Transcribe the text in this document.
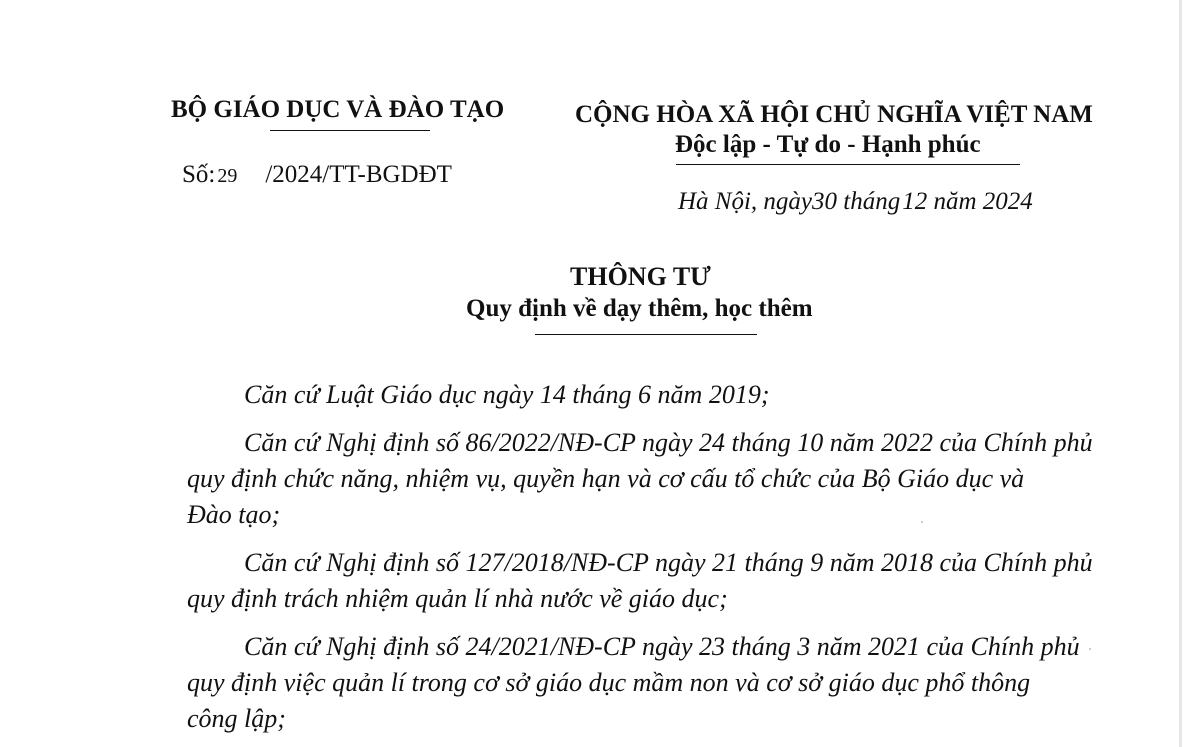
BỘ GIÁO DỤC VÀ ĐÀO TẠO
Số: 29 /2024/TT-BGDĐT
CỘNG HÒA XÃ HỘI CHỦ NGHĨA VIỆT NAM
Độc lập - Tự do - Hạnh phúc
Hà Nội, ngày30 tháng12 năm 2024
THÔNG TƯ
Quy định về dạy thêm, học thêm
Căn cứ Luật Giáo dục ngày 14 tháng 6 năm 2019;
Căn cứ Nghị định số 86/2022/NĐ-CP ngày 24 tháng 10 năm 2022 của Chính phủ
quy định chức năng, nhiệm vụ, quyền hạn và cơ cấu tổ chức của Bộ Giáo dục và
Đào tạo;
Căn cứ Nghị định số 127/2018/NĐ-CP ngày 21 tháng 9 năm 2018 của Chính phủ
quy định trách nhiệm quản lí nhà nước về giáo dục;
Căn cứ Nghị định số 24/2021/NĐ-CP ngày 23 tháng 3 năm 2021 của Chính phủ
quy định việc quản lí trong cơ sở giáo dục mầm non và cơ sở giáo dục phổ thông
công lập;
